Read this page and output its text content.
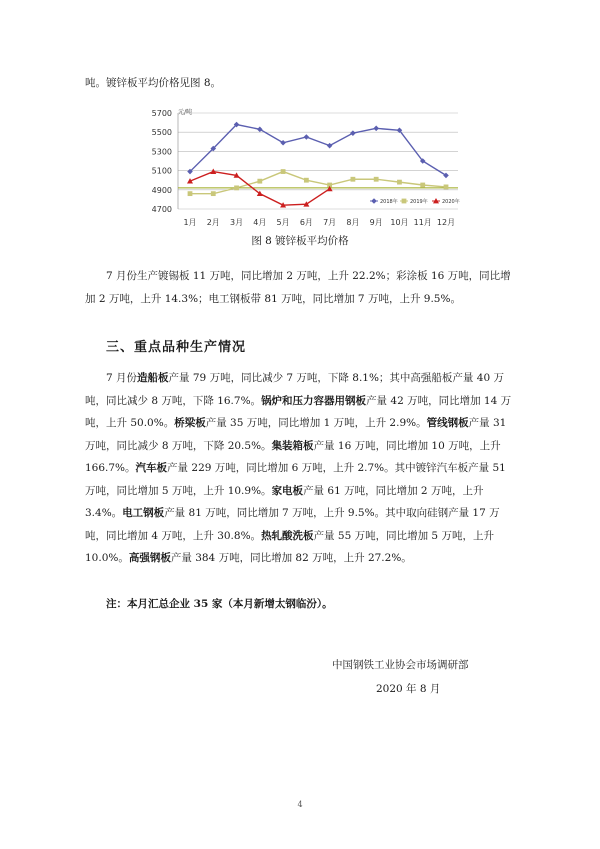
吨。镀锌板平均价格见图 8。

元/吨
4700
4900
5100
5300
5500
5700
1月 2月 3月 4月 5月 6月 7月 8月 9月 10月 11月 12月
2018年 2019年	2020年
图 8 镀锌板平均价格
7 月份生产镀锡板 11 万吨，同比增加 2 万吨，上升 22.2%；彩涂板 16 万吨，同比增加 2 万吨，上升 14.3%；电工钢板带 81 万吨，同比增加 7 万吨，上升 9.5%。
三、重点品种生产情况
7 月份造船板产量 79 万吨，同比减少 7 万吨，下降 8.1%；其中高强船板产量 40 万吨，同比减少 8 万吨，下降 16.7%。锅炉和压力容器用钢板产量 42 万吨，同比增加 14 万吨，上升 50.0%。桥梁板产量 35 万吨，同比增加 1 万吨，上升 2.9%。管线钢板产量 31 万吨，同比减少 8 万吨，下降 20.5%。集装箱板产量 16 万吨，同比增加 10 万吨，上升 166.7%。汽车板产量 229 万吨，同比增加 6 万吨，上升 2.7%。其中镀锌汽车板产量 51 万吨，同比增加 5 万吨，上升 10.9%。家电板产量 61 万吨，同比增加 2 万吨，上升 3.4%。电工钢板产量 81 万吨，同比增加 7 万吨，上升 9.5%。其中取向硅钢产量 17 万吨，同比增加 4 万吨，上升 30.8%。热轧酸洗板产量 55 万吨，同比增加 5 万吨，上升 10.0%。高强钢板产量 384 万吨，同比增加 82 万吨，上升 27.2%。
注：本月汇总企业 35 家（本月新增太钢临汾）。
中国钢铁工业协会市场调研部
2020 年 8 月
4
